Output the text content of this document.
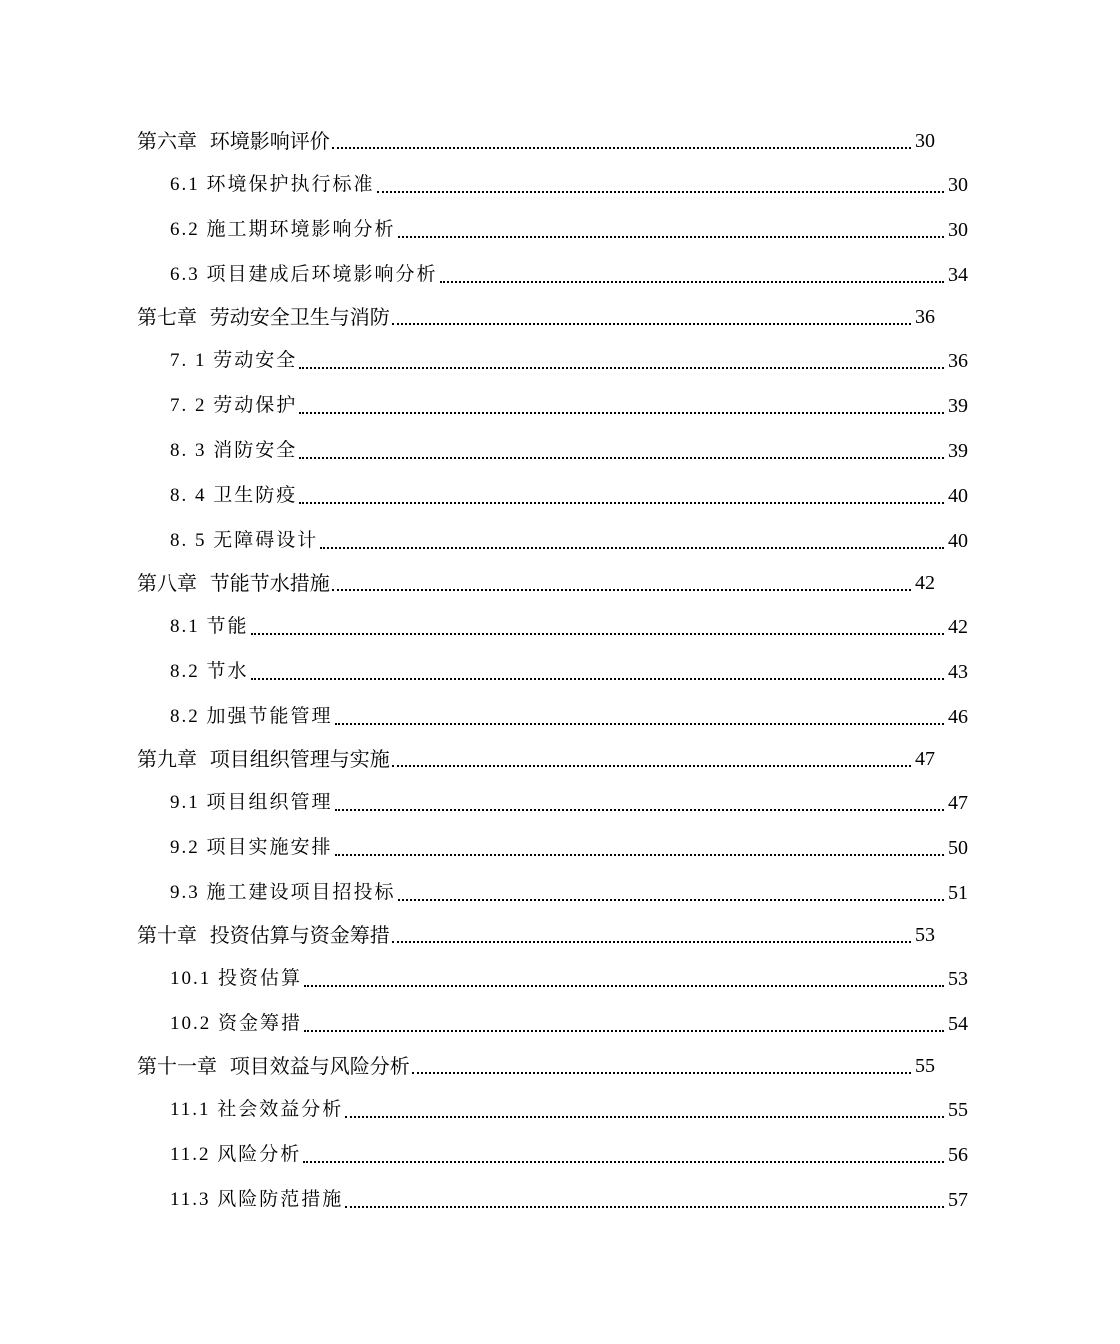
第六章  环境影响评价	30
6.1 环境保护执行标准	30
6.2 施工期环境影响分析	30
6.3 项目建成后环境影响分析	34
第七章  劳动安全卫生与消防	36
7. 1 劳动安全	36
7. 2 劳动保护	39
8. 3 消防安全	39
8. 4 卫生防疫	40
8. 5 无障碍设计	40
第八章  节能节水措施	42
8.1 节能	42
8.2 节水	43
8.2 加强节能管理	46
第九章  项目组织管理与实施	47
9.1 项目组织管理	47
9.2 项目实施安排	50
9.3 施工建设项目招投标	51
第十章  投资估算与资金筹措	53
10.1 投资估算	53
10.2 资金筹措	54
第十一章  项目效益与风险分析	55
11.1 社会效益分析	55
11.2 风险分析	56
11.3 风险防范措施	57
